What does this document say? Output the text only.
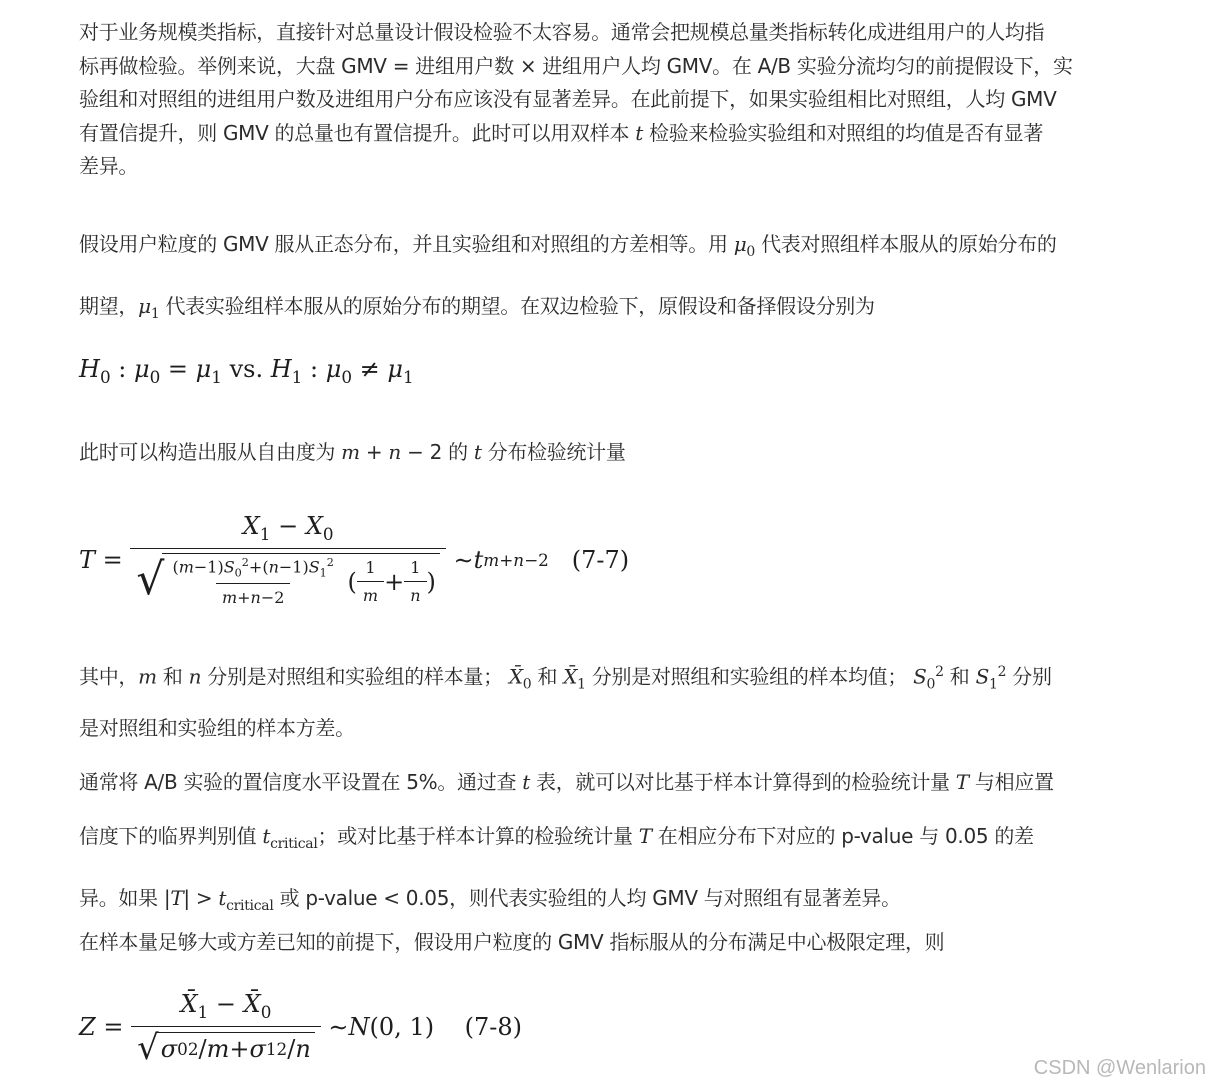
对于业务规模类指标，直接针对总量设计假设检验不太容易。通常会把规模总量类指标转化成进组用户的人均指
标再做检验。举例来说，大盘 GMV = 进组用户数 × 进组用户人均 GMV。在 A/B 实验分流均匀的前提假设下，实
验组和对照组的进组用户数及进组用户分布应该没有显著差异。在此前提下，如果实验组相比对照组，人均 GMV
有置信提升，则 GMV 的总量也有置信提升。此时可以用双样本 t 检验来检验实验组和对照组的均值是否有显著
差异。
假设用户粒度的 GMV 服从正态分布，并且实验组和对照组的方差相等。用 $\mu_0$ 代表对照组样本服从的原始分布的
期望，$\mu_1$ 代表实验组样本服从的原始分布的期望。在双边检验下，原假设和备择假设分别为
$H_0$ : $\mu_0 = \mu_1$ vs. $H_1$ : $\mu_0 \ne \mu_1$
此时可以构造出服从自由度为 m + n − 2 的 t 分布检验统计量
T =
$X_1 - X_0$
√ $\frac{(m-1)S_0^2+(n-1)S_1^2}{m+n-2}$ ( $\frac{1}{m} + \frac{1}{n}$ )
∼ t m+n−2
(7-7)
其中，m 和 n 分别是对照组和实验组的样本量； $X̄_0$ 和 $X̄_1$ 分别是对照组和实验组的样本均值； $S_0^2$ 和 $S_1^2$ 分别
是对照组和实验组的样本方差。
通常将 A/B 实验的置信度水平设置在 5%。通过查 t 表，就可以对比基于样本计算得到的检验统计量 T 与相应置
信度下的临界判别值 $t_{critical}$；或对比基于样本计算的检验统计量 T 在相应分布下对应的 p-value 与 0.05 的差
异。如果 $|T| > t_{critical}$ 或 p-value < 0.05，则代表实验组的人均 GMV 与对照组有显著差异。
在样本量足够大或方差已知的前提下，假设用户粒度的 GMV 指标服从的分布满足中心极限定理，则
$Z = \frac{X̄_1 - X̄_0}{√ \sigma 0 2 / m + \sigma 1 2 / n}$ ∼ N (0, 1) (7-8)
CSDN @Wenlarion
